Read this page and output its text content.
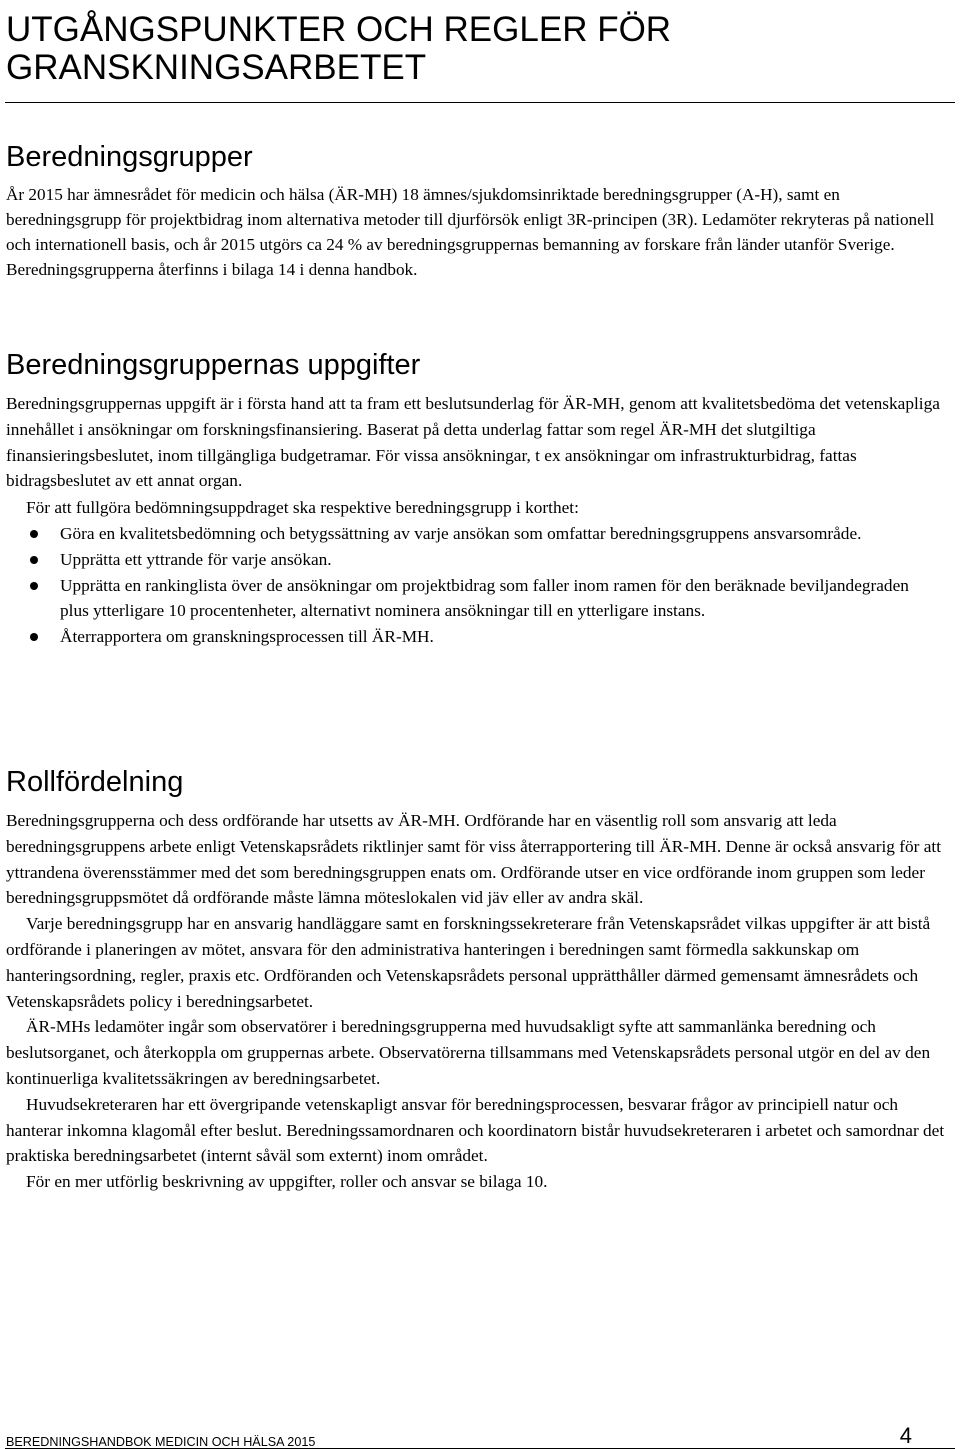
UTGÅNGSPUNKTER OCH REGLER FÖR GRANSKNINGSARBETET
Beredningsgrupper

År 2015 har ämnesrådet för medicin och hälsa (ÄR-MH) 18 ämnes/sjukdomsinriktade beredningsgrupper (A-H), samt en beredningsgrupp för projektbidrag inom alternativa metoder till djurförsök enligt 3R-principen (3R). Ledamöter rekryteras på nationell och internationell basis, och år 2015 utgörs ca 24 % av beredningsgruppernas bemanning av forskare från länder utanför Sverige. Beredningsgrupperna återfinns i bilaga 14 i denna handbok.

Beredningsgruppernas uppgifter

Beredningsgruppernas uppgift är i första hand att ta fram ett beslutsunderlag för ÄR-MH, genom att kvalitetsbedöma det vetenskapliga innehållet i ansökningar om forskningsfinansiering. Baserat på detta underlag fattar som regel ÄR-MH det slutgiltiga finansieringsbeslutet, inom tillgängliga budgetramar. För vissa ansökningar, t ex ansökningar om infrastrukturbidrag, fattas bidragsbeslutet av ett annat organ.

För att fullgöra bedömningsuppdraget ska respektive beredningsgrupp i korthet:

Göra en kvalitetsbedömning och betygssättning av varje ansökan som omfattar beredningsgruppens ansvarsområde.
Upprätta ett yttrande för varje ansökan.
Upprätta en rankinglista över de ansökningar om projektbidrag som faller inom ramen för den beräknade beviljandegraden plus ytterligare 10 procentenheter, alternativt nominera ansökningar till en ytterligare instans.
Återrapportera om granskningsprocessen till ÄR-MH.
Rollfördelning
Beredningsgrupperna och dess ordförande har utsetts av ÄR-MH. Ordförande har en väsentlig roll som ansvarig att leda beredningsgruppens arbete enligt Vetenskapsrådets riktlinjer samt för viss återrapportering till ÄR-MH. Denne är också ansvarig för att yttrandena överensstämmer med det som beredningsgruppen enats om. Ordförande utser en vice ordförande inom gruppen som leder beredningsgruppsmötet då ordförande måste lämna möteslokalen vid jäv eller av andra skäl.
Varje beredningsgrupp har en ansvarig handläggare samt en forskningssekreterare från Vetenskapsrådet vilkas uppgifter är att bistå ordförande i planeringen av mötet, ansvara för den administrativa hanteringen i beredningen samt förmedla sakkunskap om hanteringsordning, regler, praxis etc. Ordföranden och Vetenskapsrådets personal upprätthåller därmed gemensamt ämnesrådets och Vetenskapsrådets policy i beredningsarbetet.
ÄR-MHs ledamöter ingår som observatörer i beredningsgrupperna med huvudsakligt syfte att sammanlänka beredning och beslutsorganet, och återkoppla om gruppernas arbete. Observatörerna tillsammans med Vetenskapsrådets personal utgör en del av den kontinuerliga kvalitetssäkringen av beredningsarbetet.
Huvudsekreteraren har ett övergripande vetenskapligt ansvar för beredningsprocessen, besvarar frågor av principiell natur och hanterar inkomna klagomål efter beslut. Beredningssamordnaren och koordinatorn bistår huvudsekreteraren i arbetet och samordnar det praktiska beredningsarbetet (internt såväl som externt) inom området.
För en mer utförlig beskrivning av uppgifter, roller och ansvar se bilaga 10.
BEREDNINGSHANDBOK MEDICIN OCH HÄLSA 2015	4
